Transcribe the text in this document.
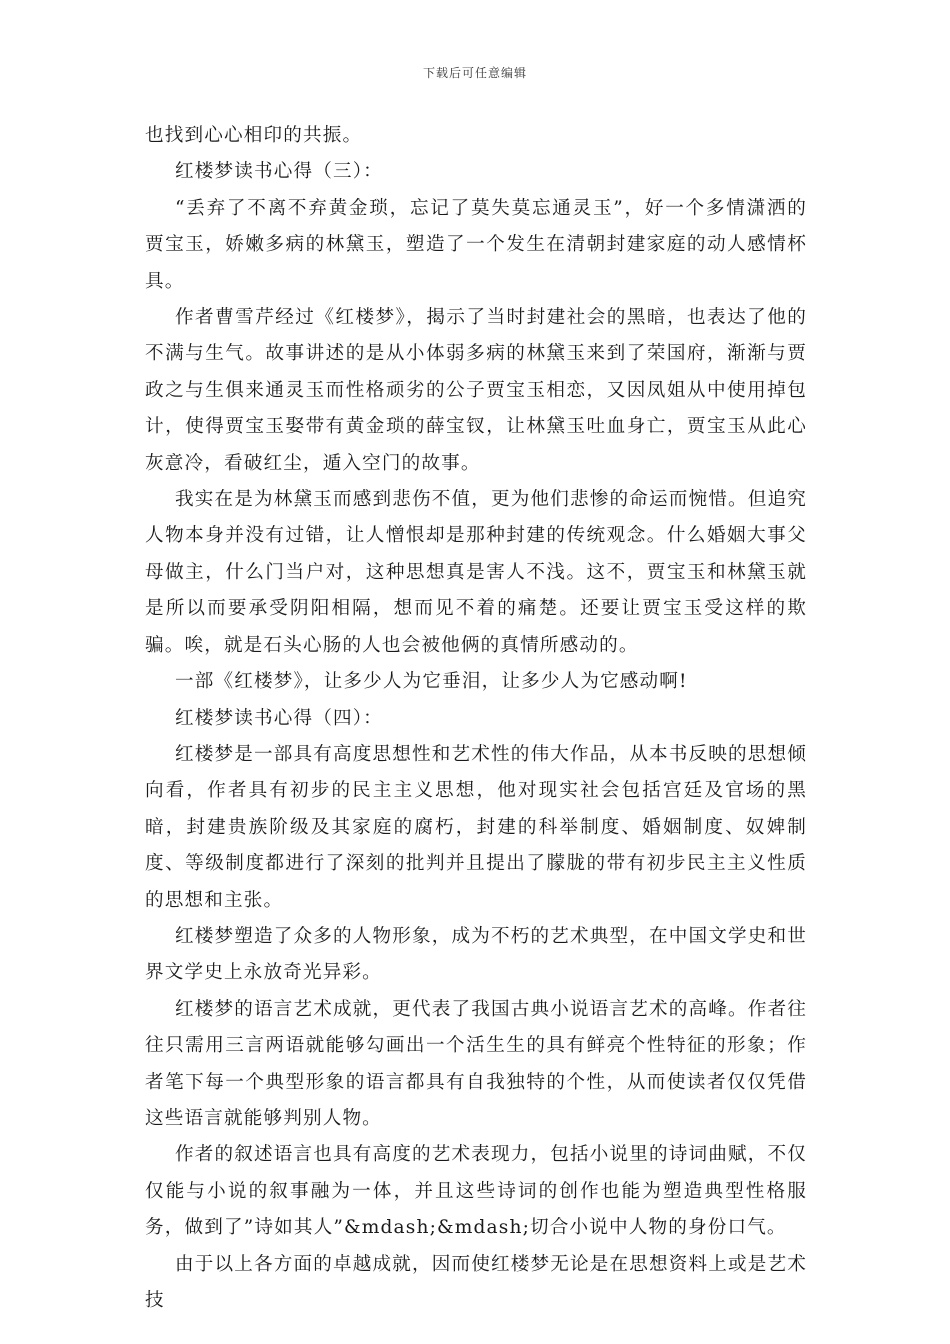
下载后可任意编辑

也找到心心相印的共振。

红楼梦读书心得（三）：

“丢弃了不离不弃黄金琐，忘记了莫失莫忘通灵玉”，好一个多情潇洒的贾宝玉，娇嫩多病的林黛玉，塑造了一个发生在清朝封建家庭的动人感情杯具。

作者曹雪芹经过《红楼梦》，揭示了当时封建社会的黑暗，也表达了他的不满与生气。故事讲述的是从小体弱多病的林黛玉来到了荣国府，渐渐与贾政之与生俱来通灵玉而性格顽劣的公子贾宝玉相恋，又因凤姐从中使用掉包计，使得贾宝玉娶带有黄金琐的薛宝钗，让林黛玉吐血身亡，贾宝玉从此心灰意冷，看破红尘，遁入空门的故事。

我实在是为林黛玉而感到悲伤不值，更为他们悲惨的命运而惋惜。但追究人物本身并没有过错，让人憎恨却是那种封建的传统观念。什么婚姻大事父母做主，什么门当户对，这种思想真是害人不浅。这不，贾宝玉和林黛玉就是所以而要承受阴阳相隔，想而见不着的痛楚。还要让贾宝玉受这样的欺骗。唉，就是石头心肠的人也会被他俩的真情所感动的。

一部《红楼梦》，让多少人为它垂泪，让多少人为它感动啊!

红楼梦读书心得（四）：

红楼梦是一部具有高度思想性和艺术性的伟大作品，从本书反映的思想倾向看，作者具有初步的民主主义思想，他对现实社会包括宫廷及官场的黑暗，封建贵族阶级及其家庭的腐朽，封建的科举制度、婚姻制度、奴婢制度、等级制度都进行了深刻的批判并且提出了朦胧的带有初步民主主义性质的思想和主张。

红楼梦塑造了众多的人物形象，成为不朽的艺术典型，在中国文学史和世界文学史上永放奇光异彩。

红楼梦的语言艺术成就，更代表了我国古典小说语言艺术的高峰。作者往往只需用三言两语就能够勾画出一个活生生的具有鲜亮个性特征的形象；作者笔下每一个典型形象的语言都具有自我独特的个性，从而使读者仅仅凭借这些语言就能够判别人物。

作者的叙述语言也具有高度的艺术表现力，包括小说里的诗词曲赋，不仅仅能与小说的叙事融为一体，并且这些诗词的创作也能为塑造典型性格服务，做到了”诗如其人”&mdash;&mdash;切合小说中人物的身份口气。

由于以上各方面的卓越成就，因而使红楼梦无论是在思想资料上或是艺术技
